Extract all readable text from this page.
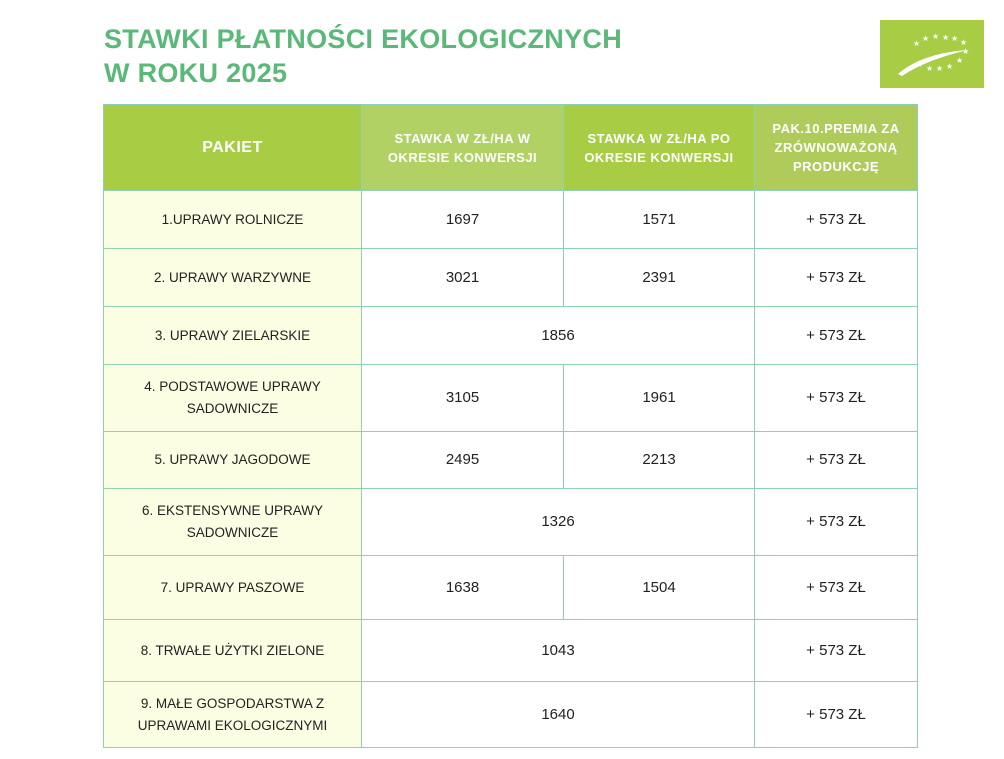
STAWKI PŁATNOŚCI EKOLOGICZNYCH
W ROKU 2025
★
★ ★ ★ ★ ★
★
★
★
★
★
PAKIET	STAWKA W ZŁ/HA W OKRESIE KONWERSJI	STAWKA W ZŁ/HA PO OKRESIE KONWERSJI	PAK.10.PREMIA ZA ZRÓWNOWAŻONĄ PRODUKCJĘ
1.UPRAWY ROLNICZE	1697	1571	+ 573 ZŁ
2. UPRAWY WARZYWNE	3021	2391	+ 573 ZŁ
3. UPRAWY ZIELARSKIE	1856		+ 573 ZŁ
4. PODSTAWOWE UPRAWY SADOWNICZE	3105	1961	+ 573 ZŁ
5. UPRAWY JAGODOWE	2495	2213	+ 573 ZŁ
6. EKSTENSYWNE UPRAWY SADOWNICZE	1326		+ 573 ZŁ
7. UPRAWY PASZOWE	1638	1504	+ 573 ZŁ
8. TRWAŁE UŻYTKI ZIELONE	1043		+ 573 ZŁ
9. MAŁE GOSPODARSTWA Z UPRAWAMI EKOLOGICZNYMI	1640		+ 573 ZŁ
